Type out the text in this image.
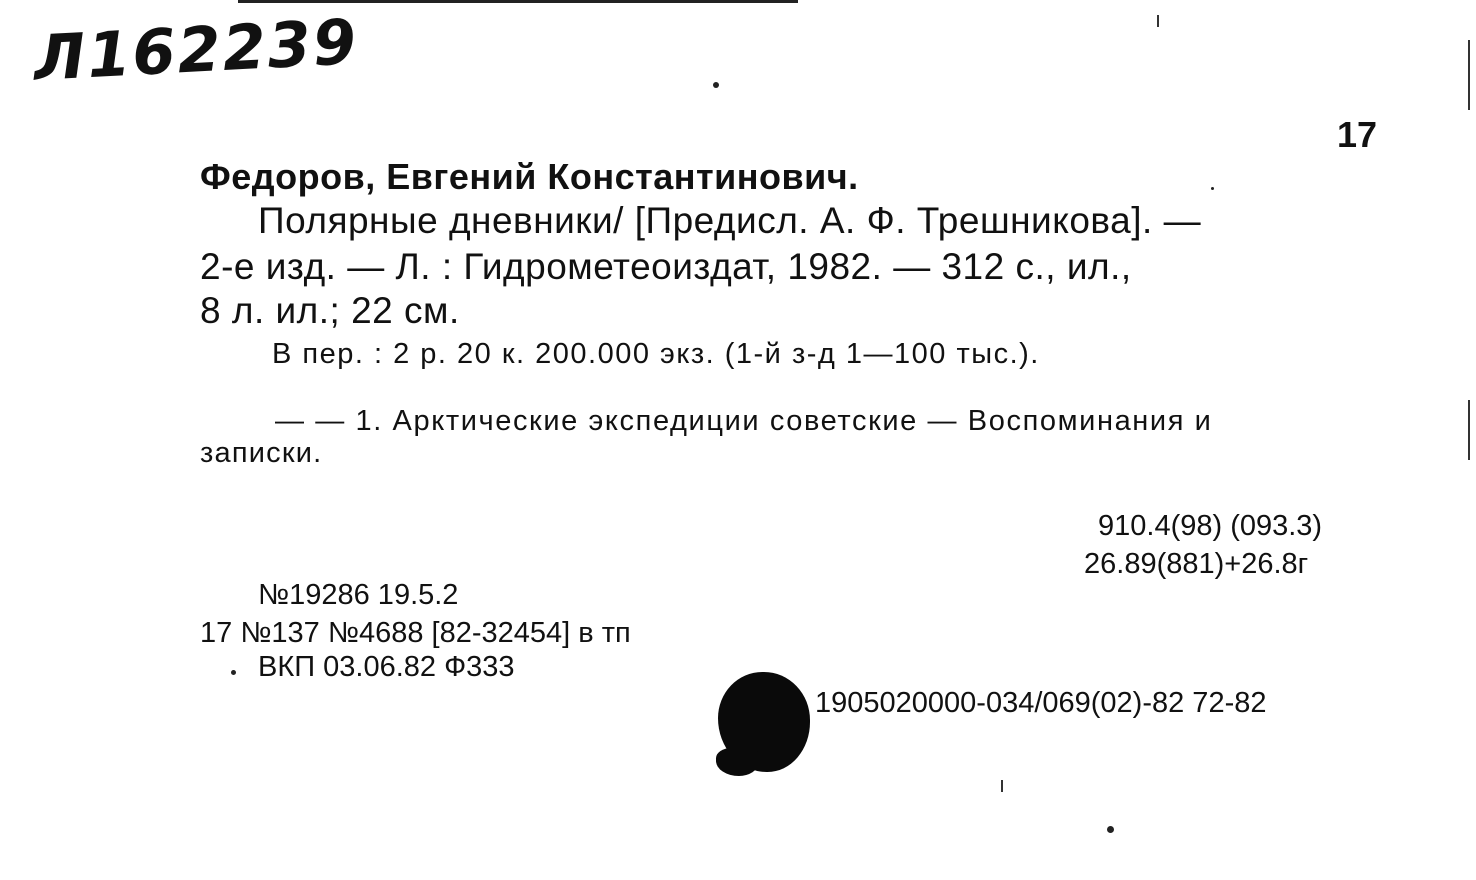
Л162239
17
Федоров, Евгений Константинович.
Полярные дневники/ [Предисл. А. Ф. Трешникова]. —
2-е изд. — Л. : Гидрометеоиздат, 1982. — 312 с., ил.,
8 л. ил.; 22 см.
В пер. : 2 р. 20 к. 200.000 экз. (1-й з-д 1—100 тыс.).
— — 1. Арктические экспедиции советские — Воспоминания и
записки.
910.4(98) (093.3)
26.89(881)+26.8г
№19286 19.5.2
17 №137 №4688 [82-32454] в тп
ВКП 03.06.82 Ф333
1905020000-034/069(02)-82 72-82
